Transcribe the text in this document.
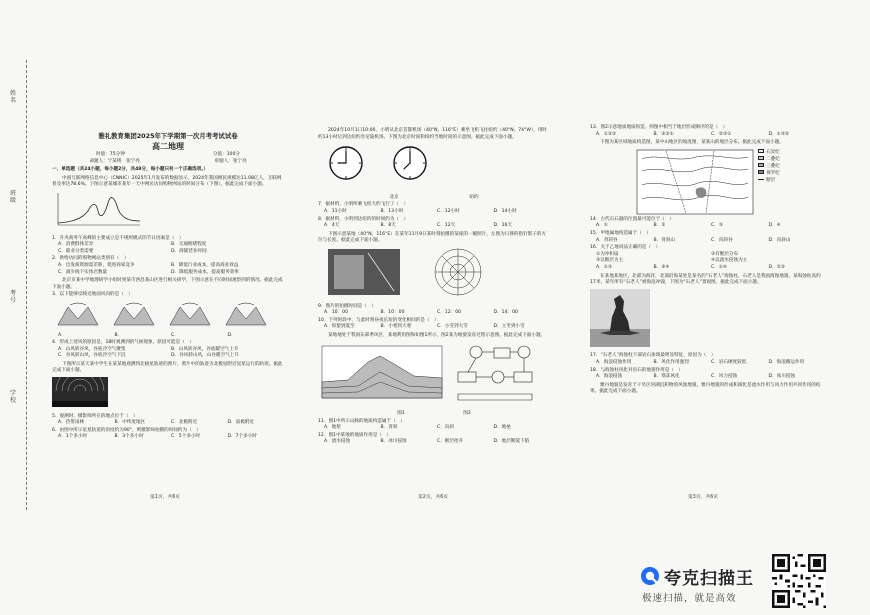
姓名
班级
考号
学校
雅礼教育集团2025年下学期第一次月考考试试卷
高二地理
时量：75分钟	分值：100分
命题人：宁某瑛　张宁亮	审题人：张宁亮
一、单选题（共24小题，每小题2分，共48分，每小题只有一个正确选项。）
中国互联网络信息中心（CNNIC）2025年1月发布的数据显示，2024年我国网民规模达11.08亿人，互联网普及率达78.6%。下图示意某城市某年一天中网民访问购物网站的时间分布（下图）。据此完成下面小题。
1．升央商务午高峰的主要成立是不规则模式的节日因素是（　）
A．消费群体差异	B．交通拥堵程度
C．职业分类需要	D．商铺营业时间
2．供给访问的购物网站类别有（　）
A．出发商资源需差距，促进商家竞争	B．降低行业成本，提高商业效益
C．减少线下实体店数量	D．降低服务成本，提高服务效率
北京市某中学地理研学小组时到某市西昌某山区进行相关研学，下图示意在不同时间观察到的情况。据此完成下面小题。
3．以下能够反映近地面风向的是（　）
A．	B．	C．	D．
4．形成上述风的原因是，18时观测到的气候现象，原因可能是（　）
A．山风转谷风，谷底冷空气聚集	B．山风转谷风，谷底暖空气上升
C．谷风转山风，谷底冷空气下沉	D．谷风转山风，山谷暖空气上升
下图所示某天某中学生在某某地观测到北极星轨迹的照片，照片中的轨迹为北极星附近星星运行的轨迹。据此完成下面小题。
5．观测时，摄影师所在的地点位于（　）
A．热带雨林	B．中纬度地区	C．北极附近	D．南极附近
6．由图中所示星星轨迹的角度约为90°，则摄影师拍摄的时间约为（　）
A．1个多小时	B．3个多小时	C．5个多小时	D．7个多小时
第1页，共6页
2024年10月1日10:00，小明从北京首都机场（40°N，116°E）乘坐飞机飞往纽约（40°N，74°W），用时约13小时后到达纽约肯尼迪机场。下图为北京时间和纽约当地时间的示意图。据此完成下面小题。
北京	纽约
7．据材料，小明所乘飞机大约飞行了（　）
A．11小时	B．13小时	C．12小时	D．14小时
8．据材料，小明到达纽约的时间约为（　）
A．4天	B．8天	C．12天	D．16天
下图示意某地（40°N，116°E）在某年11月9日某时刻拍摄的某座的一幅照片，左图为日晷的指针影子的方位与长度。据此完成下面小题。
9．图片的拍摄时间是（　）
A．10：00	B．10：00	C．12：00	D．14：00
10．下列时段中，与此时刻昼夜长短的变化相同的是（　）
A．惊蛰到夏至	B．小寒到大寒	C．小雪到大雪	D．立冬到小雪
某地地处于我国东部季风区，某地利用图和如图1所示，图2某为地貌发育过程示意图。据此完成下面小题。
图1	图2
11．图1中所示山脉的地质构造属于（　）
A．地堑	B．背斜	C．向斜	D．地垒
12．图1中某地的地质作用是（　）
A．流水侵蚀	B．冰川侵蚀	C．断层抬升	D．地层断裂下陷
第2页，共6页
13．图2示意地质地质构造。则图中相当于地层形成顺序的是（　）
A．①②③	B．③②①	C．②③①	D．①③②
下图为某区域地质构造图，某中山地区的坡度图，某某山的地层分布。据此完成下面小题。
石炭纪
二叠纪
三叠纪
侏罗纪
断层
14．古代石石器的位置最可能位于（　）
A．①	B．②	C．③	D．④
15．甲地属地构造属于（　）
A．背斜谷	B．背斜山	C．向斜谷	D．向斜山
16．关于乙地说法正确的是（　）
①为冲积扇	②有断层分布
③以断层为主	④以流水侵蚀为主
A．①③	B．②④	C．①④	D．②③
在某地某地区，北部为海洋，北部沿海某处是某名的“石老人”海蚀柱，石老人是我国海蚀地貌，某海蚀柱高约17米，某年所有“石老人”被海浪冲毁，下图为“石老人”景观图。据此完成下面小题。
17．“石老人”海蚀柱下部岩石体现最明显特征，原因为（　）
A．海浪侵蚀作用	B．风化作用强烈	C．岩石硬度较低	D．海浪搬运作用
18．与海蚀柱风化对岩石的地貌作用是（　）
A．海浪侵蚀	B．寒冻风化	C．风力侵蚀	D．冰川侵蚀
雅丹地貌是发育于干旱区河湖沉积物的风蚀地貌，雅丹地貌的形成和演化是流水作用与风力作用共同作用的结果。据此完成下面小题。
第3页，共6页
夸克扫描王
极速扫描，就是高效
